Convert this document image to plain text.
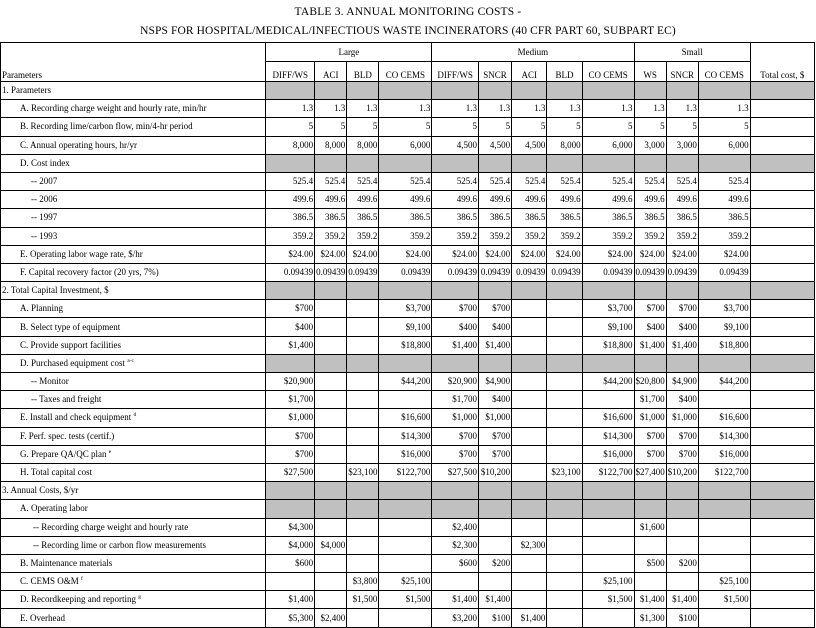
TABLE 3. ANNUAL MONITORING COSTS -
NSPS FOR HOSPITAL/MEDICAL/INFECTIOUS WASTE INCINERATORS (40 CFR PART 60, SUBPART EC)
	Large				Medium					Small			
Parameters	DIFF/WS	ACI	BLD	CO CEMS	DIFF/WS	SNCR	ACI	BLD	CO CEMS	WS	SNCR	CO CEMS	Total cost, $
1. Parameters													
A. Recording charge weight and hourly rate, min/hr	1.3	1.3	1.3	1.3	1.3	1.3	1.3	1.3	1.3	1.3	1.3	1.3	
B. Recording lime/carbon flow, min/4-hr period	5	5	5	5	5	5	5	5	5	5	5	5	
C. Annual operating hours, hr/yr	8,000	8,000	8,000	6,000	4,500	4,500	4,500	8,000	6,000	3,000	3,000	6,000	
D. Cost index													
-- 2007	525.4	525.4	525.4	525.4	525.4	525.4	525.4	525.4	525.4	525.4	525.4	525.4	
-- 2006	499.6	499.6	499.6	499.6	499.6	499.6	499.6	499.6	499.6	499.6	499.6	499.6	
-- 1997	386.5	386.5	386.5	386.5	386.5	386.5	386.5	386.5	386.5	386.5	386.5	386.5	
-- 1993	359.2	359.2	359.2	359.2	359.2	359.2	359.2	359.2	359.2	359.2	359.2	359.2	
E. Operating labor wage rate, $/hr	$24.00	$24.00	$24.00	$24.00	$24.00	$24.00	$24.00	$24.00	$24.00	$24.00	$24.00	$24.00	
F. Capital recovery factor (20 yrs, 7%)	0.09439	0.09439	0.09439	0.09439	0.09439	0.09439	0.09439	0.09439	0.09439	0.09439	0.09439	0.09439	
2. Total Capital Investment, $													
A. Planning	$700			$3,700	$700	$700			$3,700	$700	$700	$3,700	
B. Select type of equipment	$400			$9,100	$400	$400			$9,100	$400	$400	$9,100	
C. Provide support facilities	$1,400			$18,800	$1,400	$1,400			$18,800	$1,400	$1,400	$18,800	
D. Purchased equipment cost $^{a-c}$													
-- Monitor	$20,900			$44,200	$20,900	$4,900			$44,200	$20,800	$4,900	$44,200	
-- Taxes and freight	$1,700				$1,700	$400				$1,700	$400		
E. Install and check equipment $^d$	$1,000			$16,600	$1,000	$1,000			$16,600	$1,000	$1,000	$16,600	
F. Perf. spec. tests (certif.)	$700			$14,300	$700	$700			$14,300	$700	$700	$14,300	
G. Prepare QA/QC plan $^e$	$700			$16,000	$700	$700			$16,000	$700	$700	$16,000	
H. Total capital cost	$27,500		$23,100	$122,700	$27,500	$10,200		$23,100	$122,700	$27,400	$10,200	$122,700	
3. Annual Costs, $/yr													
A. Operating labor													
-- Recording charge weight and hourly rate	$4,300				$2,400					$1,600			
-- Recording lime or carbon flow measurements	$4,000	$4,000			$2,300		$2,300						
B. Maintenance materials	$600				$600	$200				$500	$200		
C. CEMS O&M $^f$			$3,800	$25,100					$25,100			$25,100	
D. Recordkeeping and reporting $^g$	$1,400		$1,500	$1,500	$1,400	$1,400			$1,500	$1,400	$1,400	$1,500	
E. Overhead	$5,300	$2,400			$3,200	$100	$1,400			$1,300	$100		
